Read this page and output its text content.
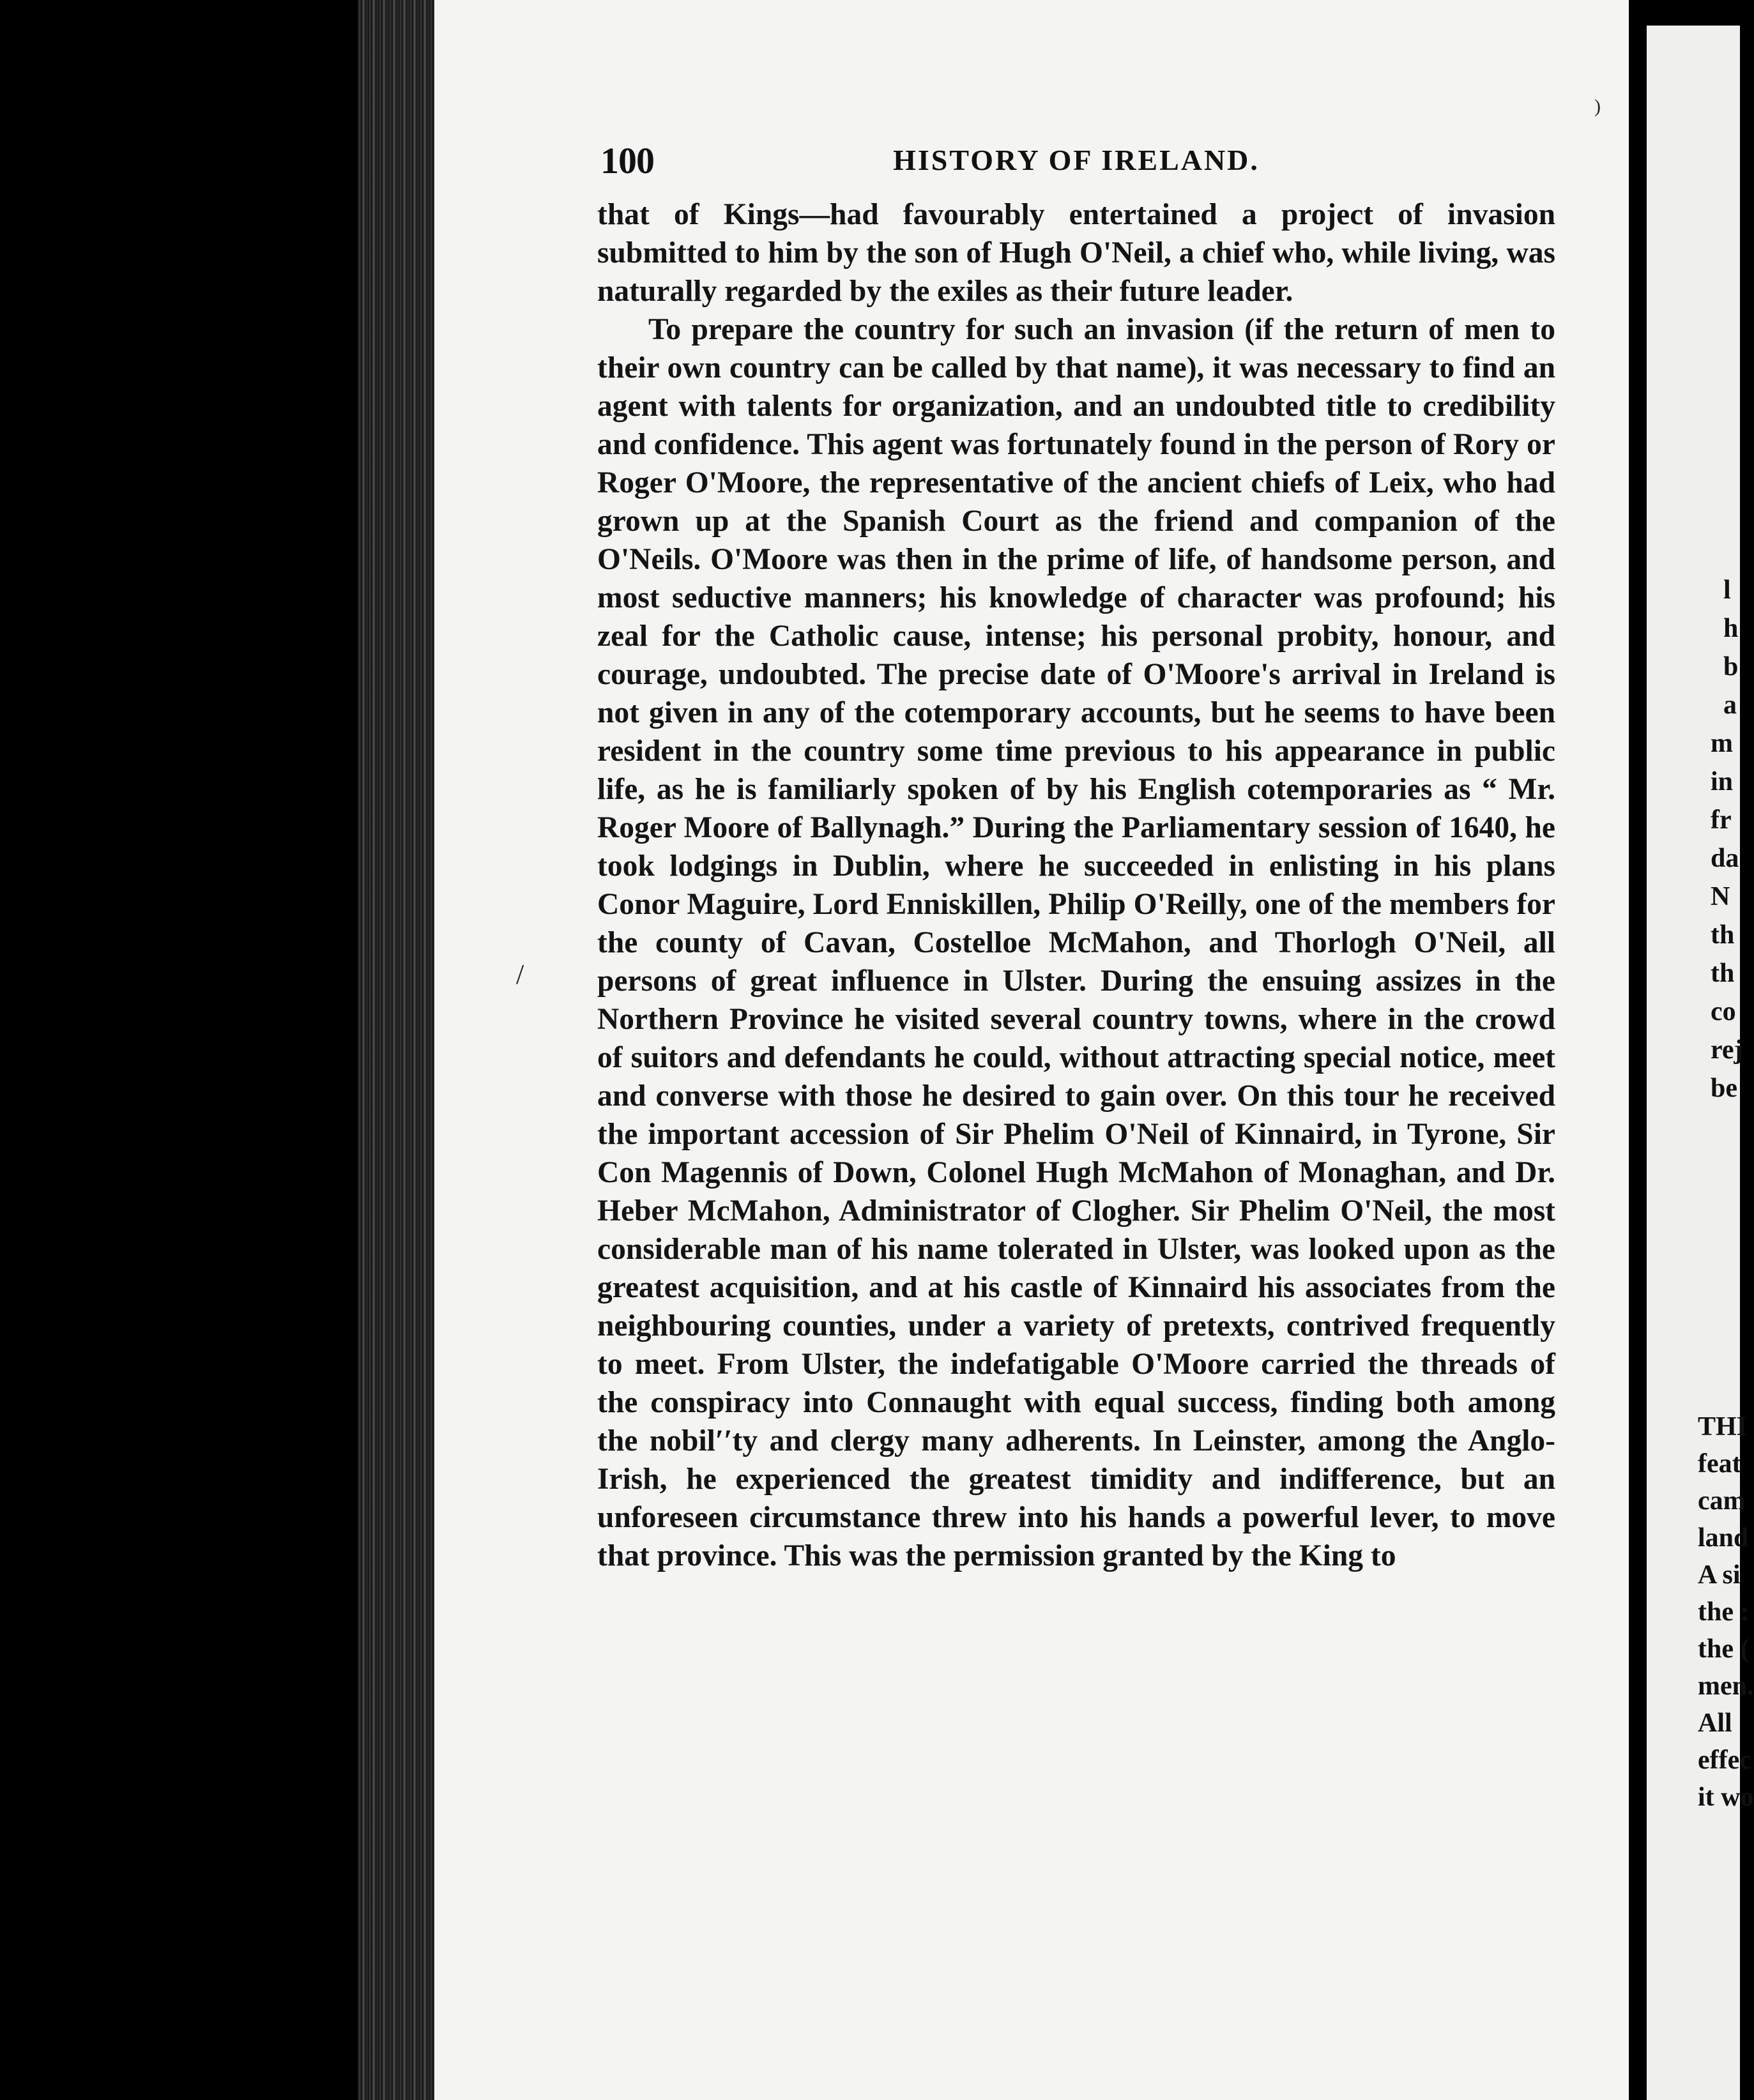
l
h
b
a
m
in
fr
da
N
th
th
co
rej
be
THI
feat
cam
land
A si
the :
the (
men.
All
effec
it wo
100	HISTORY OF IRELAND.

that of Kings—had favourably entertained a project of invasion submitted to him by the son of Hugh O'Neil, a chief who, while living, was naturally regarded by the exiles as their future leader.

To prepare the country for such an invasion (if the return of men to their own country can be called by that name), it was necessary to find an agent with talents for organization, and an undoubted title to credibility and confidence. This agent was fortunately found in the person of Rory or Roger O'Moore, the representative of the ancient chiefs of Leix, who had grown up at the Spanish Court as the friend and companion of the O'Neils. O'Moore was then in the prime of life, of handsome person, and most seductive manners; his knowledge of character was profound; his zeal for the Catholic cause, intense; his personal probity, honour, and courage, undoubted. The precise date of O'Moore's arrival in Ireland is not given in any of the cotemporary accounts, but he seems to have been resident in the country some time previous to his appearance in public life, as he is familiarly spoken of by his English cotemporaries as “ Mr. Roger Moore of Ballynagh.” During the Parliamentary session of 1640, he took lodgings in Dublin, where he succeeded in enlisting in his plans Conor Maguire, Lord Enniskillen, Philip O'Reilly, one of the members for the county of Cavan, Costelloe McMahon, and Thorlogh O'Neil, all persons of great influence in Ulster. During the ensuing assizes in the Northern Province he visited several country towns, where in the crowd of suitors and defendants he could, without attracting special notice, meet and converse with those he desired to gain over. On this tour he received the important accession of Sir Phelim O'Neil of Kinnaird, in Tyrone, Sir Con Magennis of Down, Colonel Hugh McMahon of Monaghan, and Dr. Heber McMahon, Administrator of Clogher. Sir Phelim O'Neil, the most considerable man of his name tolerated in Ulster, was looked upon as the greatest acquisition, and at his castle of Kinnaird his associates from the neighbouring counties, under a variety of pretexts, contrived frequently to meet. From Ulster, the indefatigable O'Moore carried the threads of the conspiracy into Connaught with equal success, finding both among the nobilʹʹty and clergy many adherents. In Leinster, among the Anglo-Irish, he experienced the greatest timidity and indifference, but an unforeseen circumstance threw into his hands a powerful lever, to move that province. This was the permission granted by the King to

/
)
